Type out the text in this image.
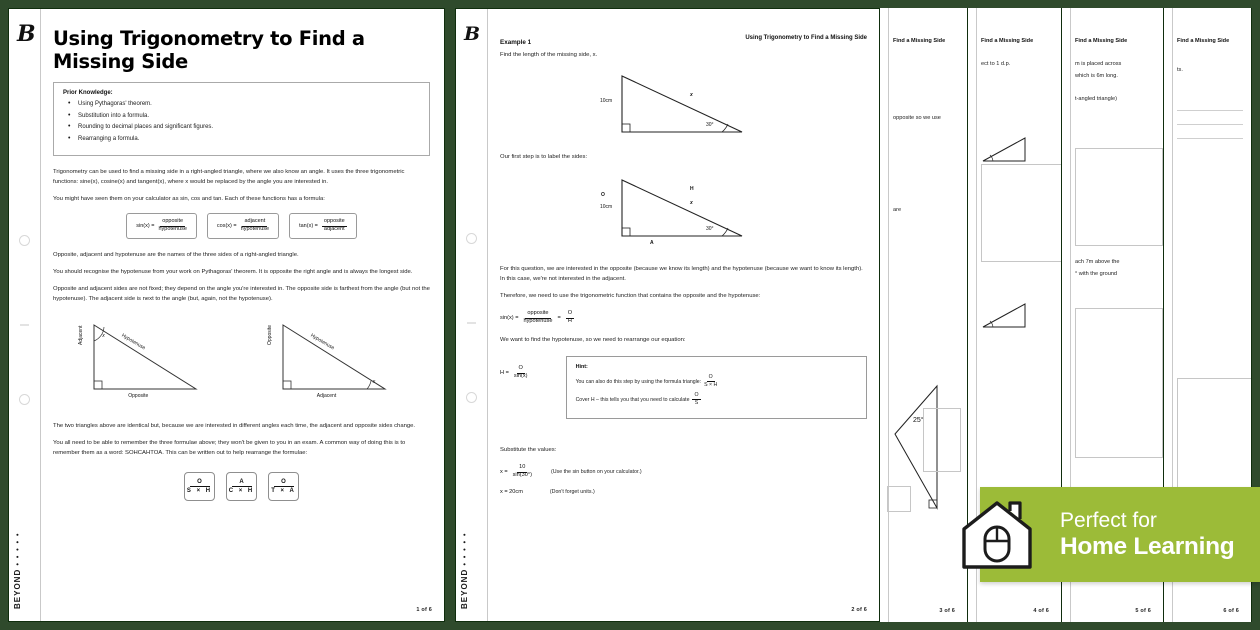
Find a Missing Side
ts.
6 of 6
Find a Missing Side
m is placed across
which is 6m long.
t-angled triangle)
ach 7m above the
° with the ground
5 of 6
Find a Missing Side
ect to 1 d.p.
4 of 6
Find a Missing Side
opposite so we use
are
25°
3 of 6
B
BEYOND • • • • •
Using Trigonometry to Find a Missing Side
Example 1
Find the length of the missing side, x.
10cm
x
30°
Our first step is to label the sides:
10cm
O
x
H
30°
A
For this question, we are interested in the opposite (because we know its length) and the hypotenuse (because we want to know its length). In this case, we're not interested in the adjacent.
Therefore, we need to use the trigonometric function that contains the opposite and the hypotenuse:
$\sin(x) = \frac{\text{opposite}}{\text{hypotenuse}} = \frac{O}{H}$
We want to find the hypotenuse, so we need to rearrange our equation:
$H = \frac{O}{\sin(x)}$	Hint:
You can also do this step by using the formula triangle: $\frac{O}{S \times H}$
Cover H – this tells you that you need to calculate $\frac{O}{S}$
Substitute the values:
$x = \frac{10}{\sin(30^\circ)}$	(Use the sin button on your calculator.)
x = 20cm	(Don't forget units.)
2 of 6
B
BEYOND • • • • •
Using Trigonometry to Find a Missing Side
Prior Knowledge:
• Using Pythagoras' theorem.
• Substitution into a formula.
• Rounding to decimal places and significant figures.
• Rearranging a formula.
Trigonometry can be used to find a missing side in a right-angled triangle, where we also know an angle. It uses the three trigonometric functions: sine(x), cosine(x) and tangent(x), where x would be replaced by the angle you are interested in.
You might have seen them on your calculator as sin, cos and tan. Each of these functions has a formula:
$\sin(x) = \frac{\text{opposite}}{\text{hypotenuse}}$	$\cos(x) = \frac{\text{adjacent}}{\text{hypotenuse}}$	$\tan(x) = \frac{\text{opposite}}{\text{adjacent}}$
Opposite, adjacent and hypotenuse are the names of the three sides of a right-angled triangle.
You should recognise the hypotenuse from your work on Pythagoras' theorem. It is opposite the right angle and is always the longest side.
Opposite and adjacent sides are not fixed; they depend on the angle you're interested in. The opposite side is farthest from the angle (but not the hypotenuse). The adjacent side is next to the angle (but, again, not the hypotenuse).
Adjacent	Hypotenuse
Opposite
x	Opposite	Hypotenuse
Adjacent
x
The two triangles above are identical but, because we are interested in different angles each time, the adjacent and opposite sides change.
You all need to be able to remember the three formulae above; they won't be given to you in an exam. A common way of doing this is to remember them as a word: SOHCAHTOA. This can be written out to help rearrange the formulae:
O
S × H
A
C × H
O
T × A
1 of 6
Perfect for
Home Learning
